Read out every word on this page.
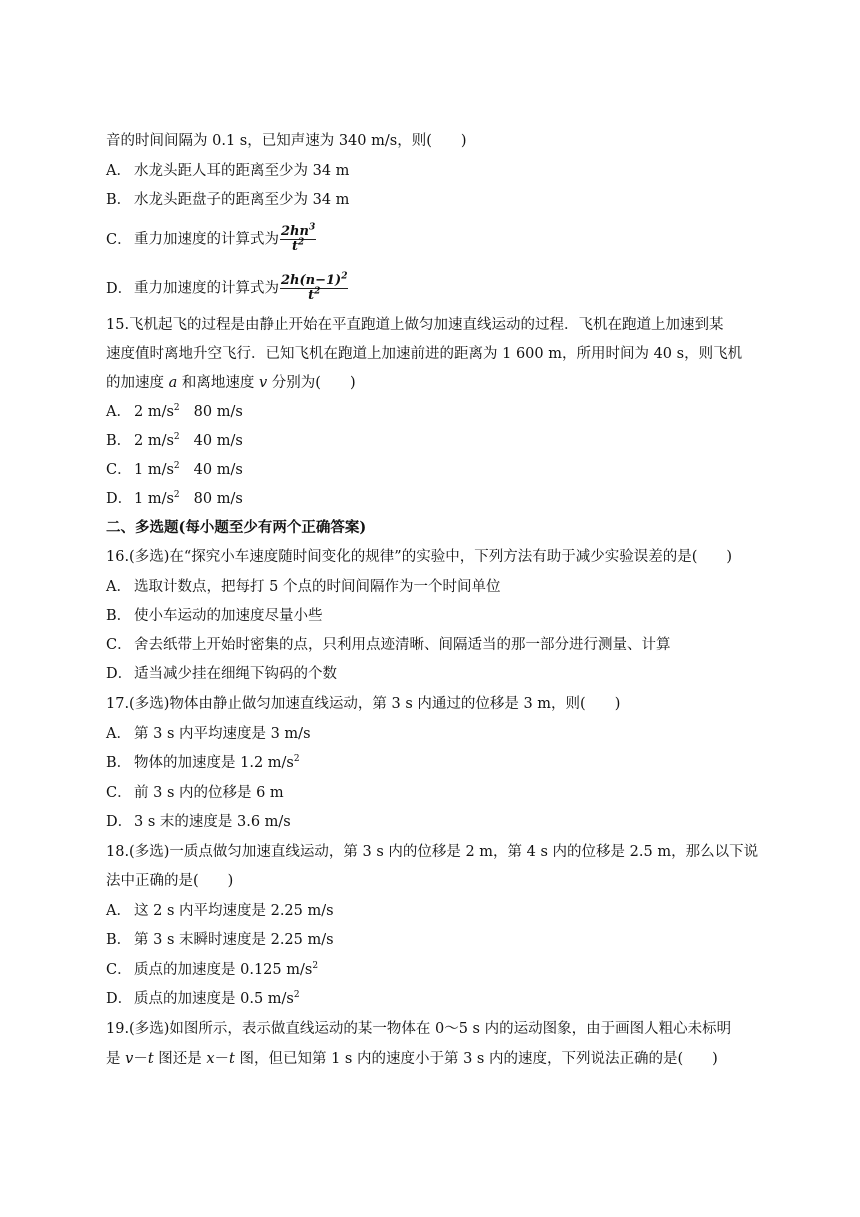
音的时间间隔为 0.1 s，已知声速为 340 m/s，则(　　)
A． 水龙头距人耳的距离至少为 34 m
B． 水龙头距盘子的距离至少为 34 m
C． 重力加速度的计算式为 $\frac{2hn^3}{t^2}$
D． 重力加速度的计算式为 $\frac{2h(n-1)^2}{t^2}$
15.飞机起飞的过程是由静止开始在平直跑道上做匀加速直线运动的过程．飞机在跑道上加速到某
速度值时离地升空飞行．已知飞机在跑道上加速前进的距离为 1 600 m，所用时间为 40 s，则飞机
的加速度 a 和离地速度 v 分别为(　　)
A． 2 $m/s^2$ 80 m/s
B． 2 $m/s^2$ 40 m/s
C． 1 $m/s^2$ 40 m/s
D． 1 $m/s^2$ 80 m/s
二、多选题(每小题至少有两个正确答案)
16.(多选)在“探究小车速度随时间变化的规律”的实验中，下列方法有助于减少实验误差的是(　　)
A． 选取计数点，把每打 5 个点的时间间隔作为一个时间单位
B． 使小车运动的加速度尽量小些
C． 舍去纸带上开始时密集的点，只利用点迹清晰、间隔适当的那一部分进行测量、计算
D． 适当减少挂在细绳下钩码的个数
17.(多选)物体由静止做匀加速直线运动，第 3 s 内通过的位移是 3 m，则(　　)
A． 第 3 s 内平均速度是 3 m/s
B． 物体的加速度是 1.2 $m/s^2$
C． 前 3 s 内的位移是 6 m
D． 3 s 末的速度是 3.6 m/s
18.(多选)一质点做匀加速直线运动，第 3 s 内的位移是 2 m，第 4 s 内的位移是 2.5 m，那么以下说
法中正确的是(　　)
A． 这 2 s 内平均速度是 2.25 m/s
B． 第 3 s 末瞬时速度是 2.25 m/s
C． 质点的加速度是 0.125 $m/s^2$
D． 质点的加速度是 0.5 $m/s^2$
19.(多选)如图所示，表示做直线运动的某一物体在 0～5 s 内的运动图象，由于画图人粗心未标明
是 v－t 图还是 x－t 图，但已知第 1 s 内的速度小于第 3 s 内的速度，下列说法正确的是(　　)
